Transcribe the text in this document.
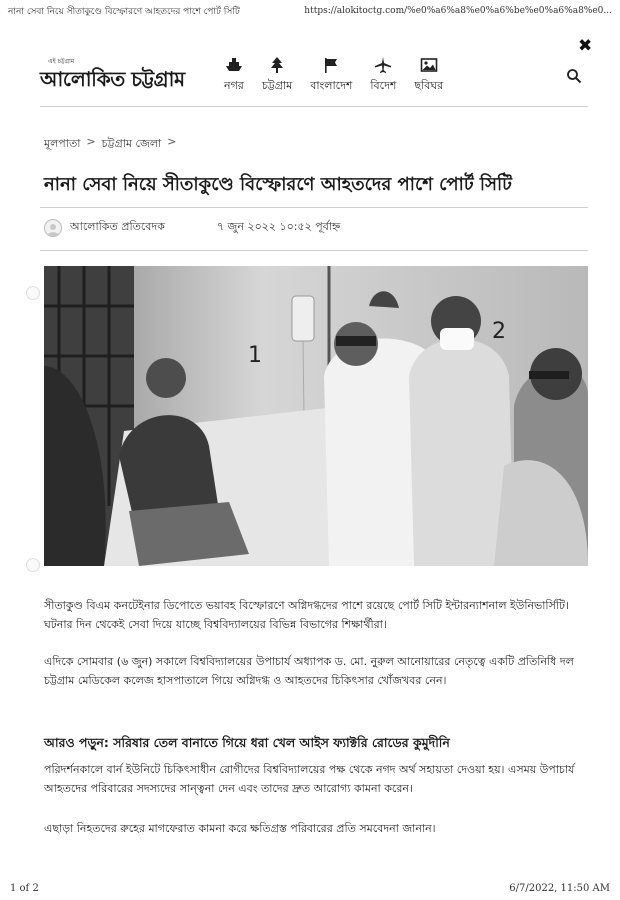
নানা সেবা নিয়ে সীতাকুণ্ডে বিস্ফোরণে আহতদের পাশে পোর্ট সিটি	https://alokitoctg.com/%e0%a6%a8%e0%a6%be%e0%a6%a8%e0...
✖
এই চট্টগ্রাম
আলোকিত চট্টগ্রাম	নগর চট্টগ্রাম বাংলাদেশ বিদেশ ছবিঘর
মূলপাতা > চট্টগ্রাম জেলা >
নানা সেবা নিয়ে সীতাকুণ্ডে বিস্ফোরণে আহতদের পাশে পোর্ট সিটি
আলোকিত প্রতিবেদক	৭ জুন ২০২২ ১০:৫২ পূর্বাহ্ন
1
2

সীতাকুণ্ড বিএম কনটেইনার ডিপোতে ভয়াবহ বিস্ফোরণে অগ্নিদগ্ধদের পাশে রয়েছে পোর্ট সিটি ইন্টারন্যাশনাল ইউনিভার্সিটি। ঘটনার দিন থেকেই সেবা দিয়ে যাচ্ছে বিশ্ববিদ্যালয়ের বিভিন্ন বিভাগের শিক্ষার্থীরা।

এদিকে সোমবার (৬ জুন) সকালে বিশ্ববিদ্যালয়ের উপাচার্য অধ্যাপক ড. মো. নুরুল আনোয়ারের নেতৃত্বে একটি প্রতিনিধি দল চট্টগ্রাম মেডিকেল কলেজ হাসপাতালে গিয়ে অগ্নিদগ্ধ ও আহতদের চিকিৎসার খোঁজখবর নেন।

আরও পড়ুন: সরিষার তেল বানাতে গিয়ে ধরা খেল আইস ফ্যাক্টরি রোডের কুমুদীনি

পরিদর্শনকালে বার্ন ইউনিটে চিকিৎসাধীন রোগীদের বিশ্ববিদ্যালয়ের পক্ষ থেকে নগদ অর্থ সহায়তা দেওয়া হয়। এসময় উপাচার্য আহতদের পরিবারের সদস্যদের সান্ত্বনা দেন এবং তাদের দ্রুত আরোগ্য কামনা করেন।

এছাড়া নিহতদের রুহের মাগফেরাত কামনা করে ক্ষতিগ্রস্ত পরিবারের প্রতি সমবেদনা জানান।

1 of 2	6/7/2022, 11:50 AM
